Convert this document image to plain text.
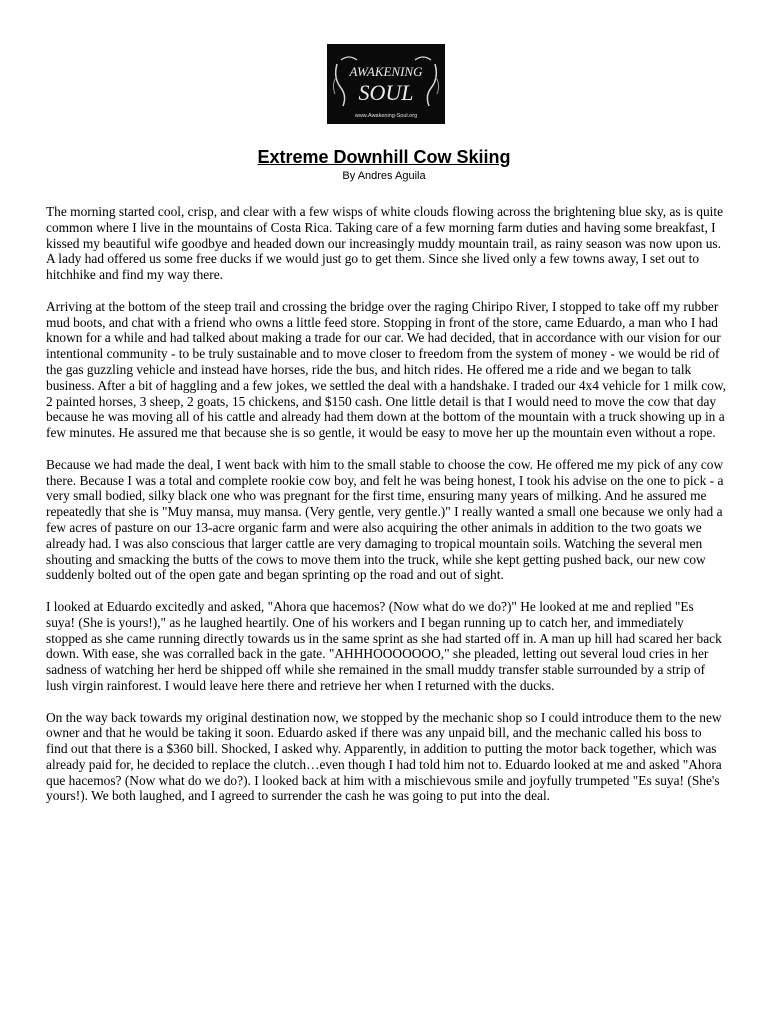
AWAKENING
SOUL
www.Awakening-Soul.org
Extreme Downhill Cow Skiing
By Andres Aguila

The morning started cool, crisp, and clear with a few wisps of white clouds flowing across the brightening blue sky, as is quite common where I live in the mountains of Costa Rica. Taking care of a few morning farm duties and having some breakfast, I kissed my beautiful wife goodbye and headed down our increasingly muddy mountain trail, as rainy season was now upon us. A lady had offered us some free ducks if we would just go to get them. Since she lived only a few towns away, I set out to hitchhike and find my way there.

Arriving at the bottom of the steep trail and crossing the bridge over the raging Chiripo River, I stopped to take off my rubber mud boots, and chat with a friend who owns a little feed store. Stopping in front of the store, came Eduardo, a man who I had known for a while and had talked about making a trade for our car. We had decided, that in accordance with our vision for our intentional community - to be truly sustainable and to move closer to freedom from the system of money - we would be rid of the gas guzzling vehicle and instead have horses, ride the bus, and hitch rides. He offered me a ride and we began to talk business. After a bit of haggling and a few jokes, we settled the deal with a handshake. I traded our 4x4 vehicle for 1 milk cow, 2 painted horses, 3 sheep, 2 goats, 15 chickens, and $150 cash. One little detail is that I would need to move the cow that day because he was moving all of his cattle and already had them down at the bottom of the mountain with a truck showing up in a few minutes. He assured me that because she is so gentle, it would be easy to move her up the mountain even without a rope.

Because we had made the deal, I went back with him to the small stable to choose the cow. He offered me my pick of any cow there. Because I was a total and complete rookie cow boy, and felt he was being honest, I took his advise on the one to pick - a very small bodied, silky black one who was pregnant for the first time, ensuring many years of milking. And he assured me repeatedly that she is "Muy mansa, muy mansa. (Very gentle, very gentle.)" I really wanted a small one because we only had a few acres of pasture on our 13-acre organic farm and were also acquiring the other animals in addition to the two goats we already had. I was also conscious that larger cattle are very damaging to tropical mountain soils. Watching the several men shouting and smacking the butts of the cows to move them into the truck, while she kept getting pushed back, our new cow suddenly bolted out of the open gate and began sprinting op the road and out of sight.

I looked at Eduardo excitedly and asked, "Ahora que hacemos? (Now what do we do?)" He looked at me and replied "Es suya! (She is yours!)," as he laughed heartily. One of his workers and I began running up to catch her, and immediately stopped as she came running directly towards us in the same sprint as she had started off in. A man up hill had scared her back down. With ease, she was corralled back in the gate. "AHHHOOOOOOO," she pleaded, letting out several loud cries in her sadness of watching her herd be shipped off while she remained in the small muddy transfer stable surrounded by a strip of lush virgin rainforest. I would leave here there and retrieve her when I returned with the ducks.

On the way back towards my original destination now, we stopped by the mechanic shop so I could introduce them to the new owner and that he would be taking it soon. Eduardo asked if there was any unpaid bill, and the mechanic called his boss to find out that there is a $360 bill. Shocked, I asked why. Apparently, in addition to putting the motor back together, which was already paid for, he decided to replace the clutch…even though I had told him not to. Eduardo looked at me and asked "Ahora que hacemos? (Now what do we do?). I looked back at him with a mischievous smile and joyfully trumpeted "Es suya! (She's yours!). We both laughed, and I agreed to surrender the cash he was going to put into the deal.
